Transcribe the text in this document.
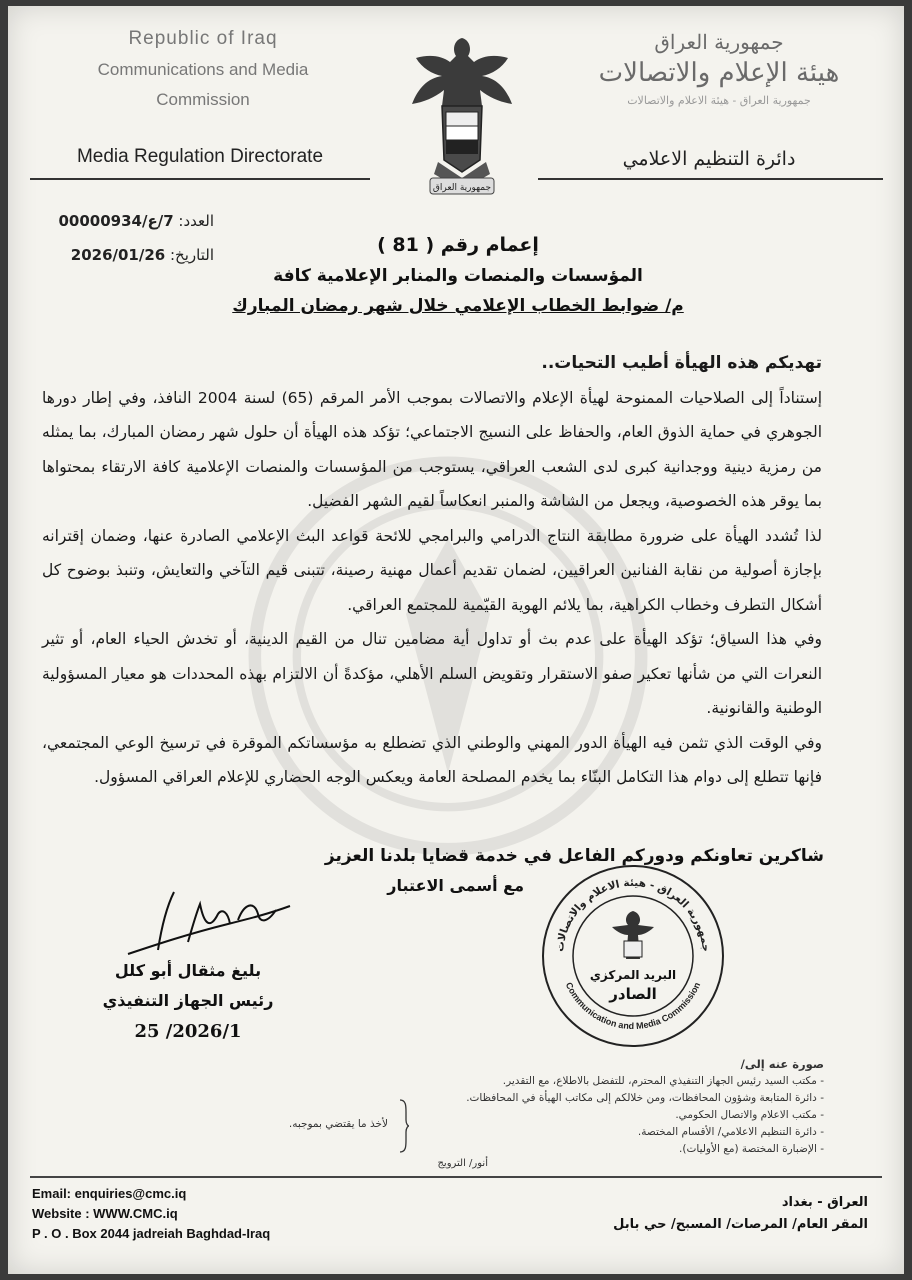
Republic of Iraq
Communications and Media
Commission
Media Regulation Directorate
جمهورية العراق
جمهورية العراق
هيئة الإعلام والاتصالات
جمهورية العراق - هيئة الاعلام والاتصالات
دائرة التنظيم الاعلامي
العدد: 7/ع/00000934
التاريخ: 2026/01/26	إعمام رقم ( 81 )
المؤسسات والمنصات والمنابر الإعلامية كافة
م/ ضوابط الخطاب الإعلامي خلال شهر رمضان المبارك

تهديكم هذه الهيأة أطيب التحيات..

إستناداً إلى الصلاحيات الممنوحة لهيأة الإعلام والاتصالات بموجب الأمر المرقم (65) لسنة 2004 النافذ، وفي إطار دورها الجوهري في حماية الذوق العام، والحفاظ على النسيج الاجتماعي؛ تؤكد هذه الهيأة أن حلول شهر رمضان المبارك، بما يمثله من رمزية دينية ووجدانية كبرى لدى الشعب العراقي، يستوجب من المؤسسات والمنصات الإعلامية كافة الارتقاء بمحتواها بما يوقر هذه الخصوصية، ويجعل من الشاشة والمنبر انعكاساً لقيم الشهر الفضيل.

لذا تُشدد الهيأة على ضرورة مطابقة النتاج الدرامي والبرامجي للائحة قواعد البث الإعلامي الصادرة عنها، وضمان إقترانه بإجازة أصولية من نقابة الفنانين العراقيين، لضمان تقديم أعمال مهنية رصينة، تتبنى قيم التآخي والتعايش، وتنبذ بوضوح كل أشكال التطرف وخطاب الكراهية، بما يلائم الهوية القيّمية للمجتمع العراقي.

وفي هذا السياق؛ تؤكد الهيأة على عدم بث أو تداول أية مضامين تنال من القيم الدينية، أو تخدش الحياء العام، أو تثير النعرات التي من شأنها تعكير صفو الاستقرار وتقويض السلم الأهلي، مؤكدةً أن الالتزام بهذه المحددات هو معيار المسؤولية الوطنية والقانونية.

وفي الوقت الذي تثمن فيه الهيأة الدور المهني والوطني الذي تضطلع به مؤسساتكم الموقرة في ترسيخ الوعي المجتمعي، فإنها تتطلع إلى دوام هذا التكامل البنّاء بما يخدم المصلحة العامة ويعكس الوجه الحضاري للإعلام العراقي المسؤول.

شاكرين تعاونكم ودوركم الفاعل في خدمة قضايا بلدنا العزيز
مع أسمى الاعتبار
بليغ مثقال أبو كلل
رئيس الجهاز التنفيذي
2026/1/ 25
جمهورية العراق - هيئة الاعلام والاتصالات
Communication and Media Commission
البريد المركزي
الصادر
صورة عنه إلى/
- مكتب السيد رئيس الجهاز التنفيذي المحترم، للتفضل بالاطلاع، مع التقدير.
- دائرة المتابعة وشؤون المحافظات، ومن خلالكم إلى مكاتب الهيأة في المحافظات.
- مكتب الاعلام والاتصال الحكومي.
- دائرة التنظيم الاعلامي/ الأقسام المختصة.
- الإضبارة المختصة (مع الأوليات).
لأخذ ما يقتضي بموجبه.
أنور/ الترويج
Email: enquiries@cmc.iq
Website : WWW.CMC.iq
P . O . Box 2044 jadreiah Baghdad-Iraq
العراق - بغداد
المقر العام/ المرصات/ المسبح/ حي بابل
